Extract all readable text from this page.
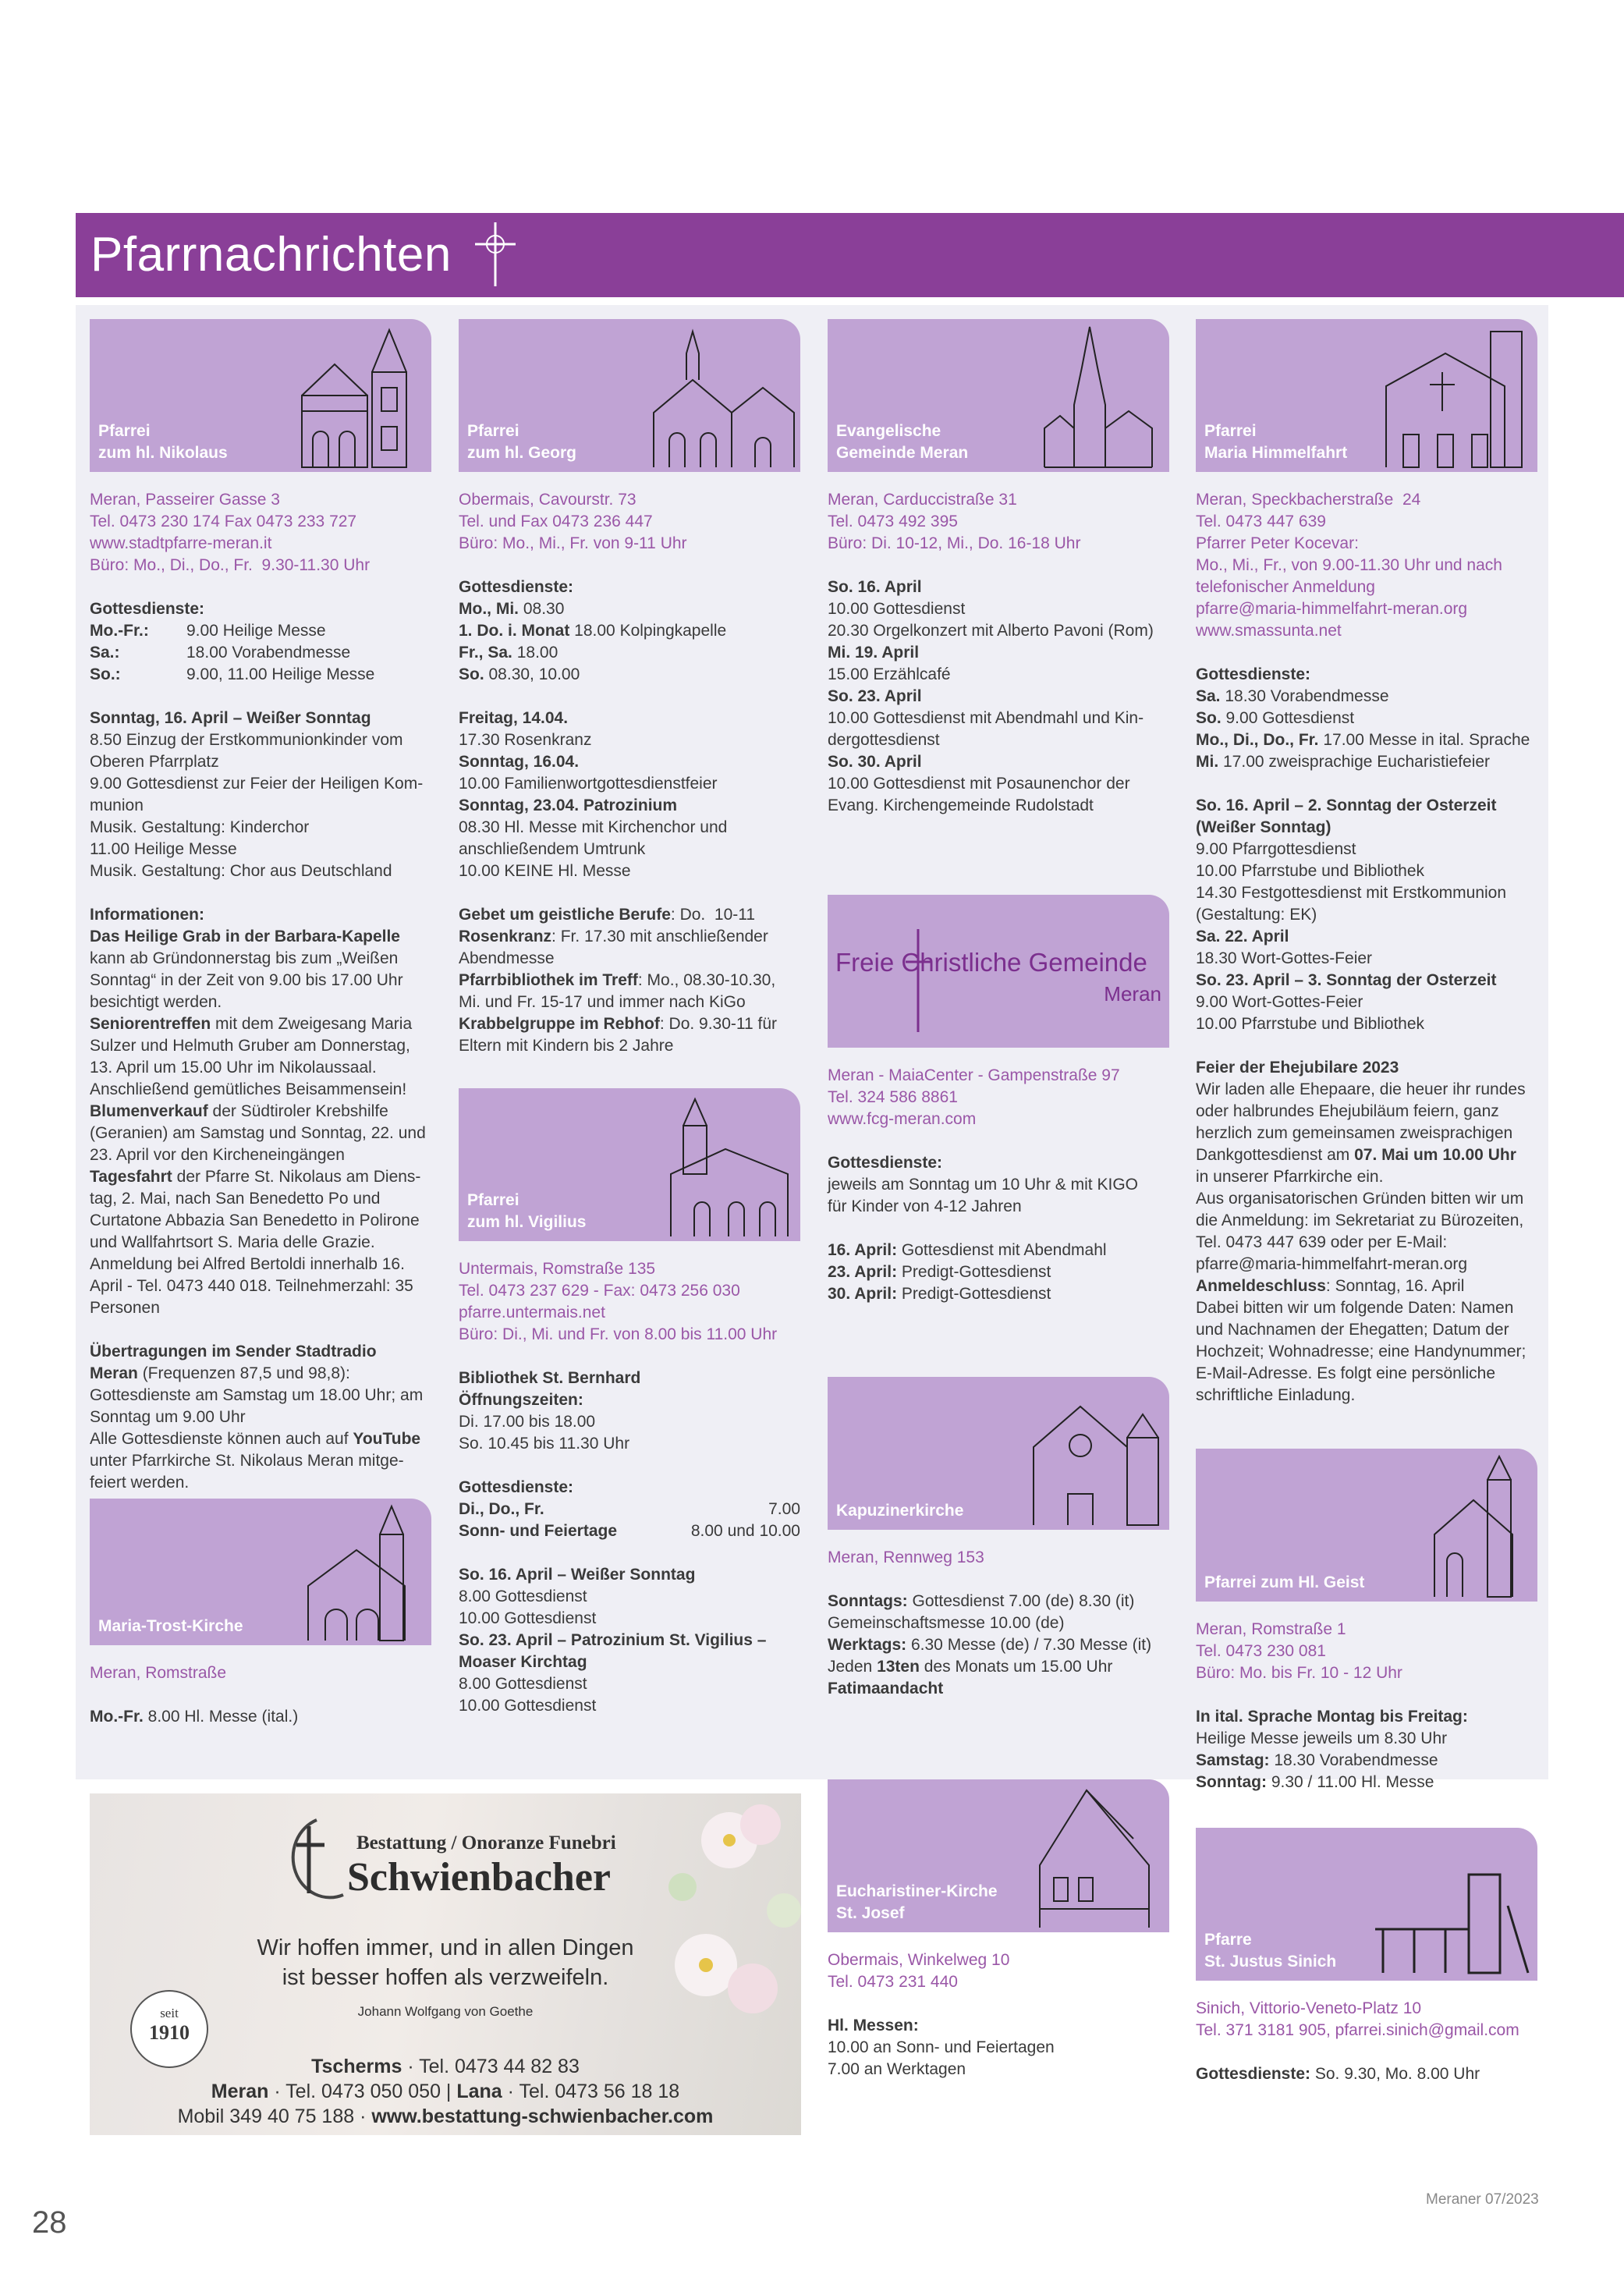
Pfarrnachrichten
Pfarrei
zum hl. Nikolaus
Meran, Passeirer Gasse 3
Tel. 0473 230 174 Fax 0473 233 727
www.stadtpfarre-meran.it
Büro: Mo., Di., Do., Fr.  9.30-11.30 Uhr
Gottesdienste:
Mo.-Fr.:	9.00 Heilige Messe
Sa.:	18.00 Vorabendmesse
So.:	9.00, 11.00 Heilige Messe
Sonntag, 16. April – Weißer Sonntag
8.50 Einzug der Erstkommunionkinder vom
Oberen Pfarrplatz
9.00 Gottesdienst zur Feier der Heiligen Kom-
munion
Musik. Gestaltung: Kinderchor
11.00 Heilige Messe
Musik. Gestaltung: Chor aus Deutschland
Informationen:
Das Heilige Grab in der Barbara-Kapelle
kann ab Gründonnerstag bis zum „Weißen
Sonntag“ in der Zeit von 9.00 bis 17.00 Uhr
besichtigt werden.
Seniorentreffen mit dem Zweigesang Maria
Sulzer und Helmuth Gruber am Donnerstag,
13. April um 15.00 Uhr im Nikolaussaal.
Anschließend gemütliches Beisammensein!
Blumenverkauf der Südtiroler Krebshilfe
(Geranien) am Samstag und Sonntag, 22. und
23. April vor den Kircheneingängen
Tagesfahrt der Pfarre St. Nikolaus am Diens-
tag, 2. Mai, nach San Benedetto Po und
Curtatone Abbazia San Benedetto in Polirone
und Wallfahrtsort S. Maria delle Grazie.
Anmeldung bei Alfred Bertoldi innerhalb 16.
April - Tel. 0473 440 018. Teilnehmerzahl: 35
Personen
Übertragungen im Sender Stadtradio
Meran (Frequenzen 87,5 und 98,8):
Gottesdienste am Samstag um 18.00 Uhr; am
Sonntag um 9.00 Uhr
Alle Gottesdienste können auch auf YouTube
unter Pfarrkirche St. Nikolaus Meran mitge-
feiert werden.
Maria-Trost-Kirche
Meran, Romstraße
Mo.-Fr. 8.00 Hl. Messe (ital.)
Pfarrei
zum hl. Georg
Obermais, Cavourstr. 73
Tel. und Fax 0473 236 447
Büro: Mo., Mi., Fr. von 9-11 Uhr
Gottesdienste:
Mo., Mi. 08.30
1. Do. i. Monat 18.00 Kolpingkapelle
Fr., Sa. 18.00
So. 08.30, 10.00
Freitag, 14.04.
17.30 Rosenkranz
Sonntag, 16.04.
10.00 Familienwortgottesdienstfeier
Sonntag, 23.04. Patrozinium
08.30 Hl. Messe mit Kirchenchor und
anschließendem Umtrunk
10.00 KEINE Hl. Messe
Gebet um geistliche Berufe: Do.  10-11
Rosenkranz: Fr. 17.30 mit anschließender
Abendmesse
Pfarrbibliothek im Treff: Mo., 08.30-10.30,
Mi. und Fr. 15-17 und immer nach KiGo
Krabbelgruppe im Rebhof: Do. 9.30-11 für
Eltern mit Kindern bis 2 Jahre
Pfarrei
zum hl. Vigilius
Untermais, Romstraße 135
Tel. 0473 237 629 - Fax: 0473 256 030
pfarre.untermais.net
Büro: Di., Mi. und Fr. von 8.00 bis 11.00 Uhr
Bibliothek St. Bernhard
Öffnungszeiten:
Di. 17.00 bis 18.00
So. 10.45 bis 11.30 Uhr
Gottesdienste:
Di., Do., Fr.	7.00
Sonn- und Feiertage	8.00 und 10.00
So. 16. April – Weißer Sonntag
8.00 Gottesdienst
10.00 Gottesdienst
So. 23. April – Patrozinium St. Vigilius –
Moaser Kirchtag
8.00 Gottesdienst
10.00 Gottesdienst
Evangelische
Gemeinde Meran
Meran, Carduccistraße 31
Tel. 0473 492 395
Büro: Di. 10-12, Mi., Do. 16-18 Uhr
So. 16. April
10.00 Gottesdienst
20.30 Orgelkonzert mit Alberto Pavoni (Rom)
Mi. 19. April
15.00 Erzählcafé
So. 23. April
10.00 Gottesdienst mit Abendmahl und Kin-
dergottesdienst
So. 30. April
10.00 Gottesdienst mit Posaunenchor der
Evang. Kirchengemeinde Rudolstadt
Freie Christliche Gemeinde
Meran
Meran - MaiaCenter - Gampenstraße 97
Tel. 324 586 8861
www.fcg-meran.com
Gottesdienste:
jeweils am Sonntag um 10 Uhr & mit KIGO
für Kinder von 4-12 Jahren
16. April: Gottesdienst mit Abendmahl
23. April: Predigt-Gottesdienst
30. April: Predigt-Gottesdienst
Kapuzinerkirche
Meran, Rennweg 153
Sonntags: Gottesdienst 7.00 (de) 8.30 (it)
Gemeinschaftsmesse 10.00 (de)
Werktags: 6.30 Messe (de) / 7.30 Messe (it)
Jeden 13ten des Monats um 15.00 Uhr
Fatimaandacht
Eucharistiner-Kirche
St. Josef
Obermais, Winkelweg 10
Tel. 0473 231 440
Hl. Messen:
10.00 an Sonn- und Feiertagen
7.00 an Werktagen
Pfarrei
Maria Himmelfahrt
Meran, Speckbacherstraße  24
Tel. 0473 447 639
Pfarrer Peter Kocevar:
Mo., Mi., Fr., von 9.00-11.30 Uhr und nach
telefonischer Anmeldung
pfarre@maria-himmelfahrt-meran.org
www.smassunta.net
Gottesdienste:
Sa. 18.30 Vorabendmesse
So. 9.00 Gottesdienst
Mo., Di., Do., Fr. 17.00 Messe in ital. Sprache
Mi. 17.00 zweisprachige Eucharistiefeier
So. 16. April – 2. Sonntag der Osterzeit
(Weißer Sonntag)
9.00 Pfarrgottesdienst
10.00 Pfarrstube und Bibliothek
14.30 Festgottesdienst mit Erstkommunion
(Gestaltung: EK)
Sa. 22. April
18.30 Wort-Gottes-Feier
So. 23. April – 3. Sonntag der Osterzeit
9.00 Wort-Gottes-Feier
10.00 Pfarrstube und Bibliothek
Feier der Ehejubilare 2023
Wir laden alle Ehepaare, die heuer ihr rundes
oder halbrundes Ehejubiläum feiern, ganz
herzlich zum gemeinsamen zweisprachigen
Dankgottesdienst am 07. Mai um 10.00 Uhr
in unserer Pfarrkirche ein.
Aus organisatorischen Gründen bitten wir um
die Anmeldung: im Sekretariat zu Bürozeiten,
Tel. 0473 447 639 oder per E-Mail:
pfarre@maria-himmelfahrt-meran.org
Anmeldeschluss: Sonntag, 16. April
Dabei bitten wir um folgende Daten: Namen
und Nachnamen der Ehegatten; Datum der
Hochzeit; Wohnadresse; eine Handynummer;
E-Mail-Adresse. Es folgt eine persönliche
schriftliche Einladung.
Pfarrei zum Hl. Geist
Meran, Romstraße 1
Tel. 0473 230 081
Büro: Mo. bis Fr. 10 - 12 Uhr
In ital. Sprache Montag bis Freitag:
Heilige Messe jeweils um 8.30 Uhr
Samstag: 18.30 Vorabendmesse
Sonntag: 9.30 / 11.00 Hl. Messe
Pfarre
St. Justus Sinich
Sinich, Vittorio-Veneto-Platz 10
Tel. 371 3181 905, pfarrei.sinich@gmail.com
Gottesdienste: So. 9.30, Mo. 8.00 Uhr
Bestattung / Onoranze Funebri
Schwienbacher
Wir hoffen immer, und in allen Dingen
ist besser hoffen als verzweifeln.
Johann Wolfgang von Goethe
seit
1910
Tscherms · Tel. 0473 44 82 83
Meran · Tel. 0473 050 050 | Lana · Tel. 0473 56 18 18
Mobil 349 40 75 188 · www.bestattung-schwienbacher.com
28
Meraner 07/2023
